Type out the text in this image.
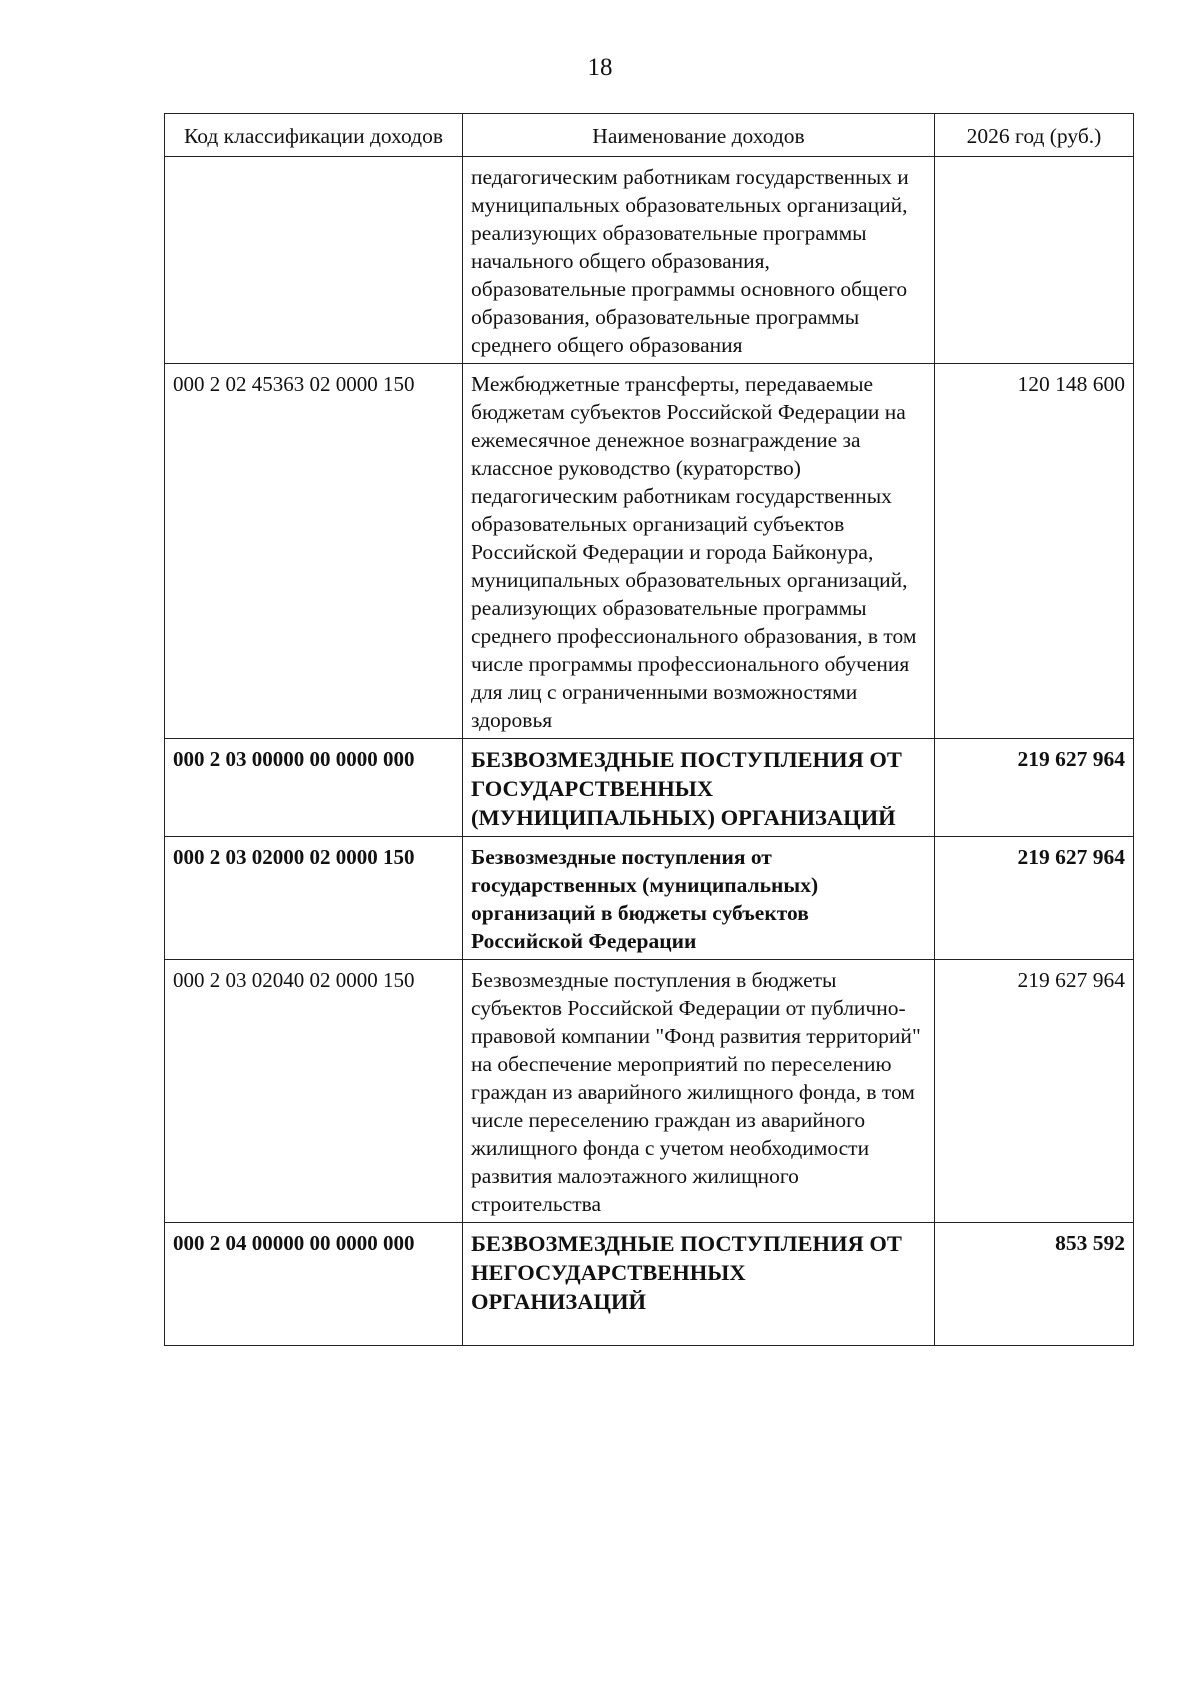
18
Код классификации доходов	Наименование доходов	2026 год (руб.)
	педагогическим работникам государственных и муниципальных образовательных организаций, реализующих образовательные программы начального общего образования, образовательные программы основного общего образования, образовательные программы среднего общего образования	
000 2 02 45363 02 0000 150	Межбюджетные трансферты, передаваемые бюджетам субъектов Российской Федерации на ежемесячное денежное вознаграждение за классное руководство (кураторство) педагогическим работникам государственных образовательных организаций субъектов Российской Федерации и города Байконура, муниципальных образовательных организаций, реализующих образовательные программы среднего профессионального образования, в том числе программы профессионального обучения для лиц с ограниченными возможностями здоровья	120 148 600
000 2 03 00000 00 0000 000	БЕЗВОЗМЕЗДНЫЕ ПОСТУПЛЕНИЯ ОТ ГОСУДАРСТВЕННЫХ (МУНИЦИПАЛЬНЫХ) ОРГАНИЗАЦИЙ	219 627 964
000 2 03 02000 02 0000 150	Безвозмездные поступления от государственных (муниципальных) организаций в бюджеты субъектов Российской Федерации	219 627 964
000 2 03 02040 02 0000 150	Безвозмездные поступления в бюджеты субъектов Российской Федерации от публично-правовой компании "Фонд развития территорий" на обеспечение мероприятий по переселению граждан из аварийного жилищного фонда, в том числе переселению граждан из аварийного жилищного фонда с учетом необходимости развития малоэтажного жилищного строительства	219 627 964
000 2 04 00000 00 0000 000	БЕЗВОЗМЕЗДНЫЕ ПОСТУПЛЕНИЯ ОТ НЕГОСУДАРСТВЕННЫХ ОРГАНИЗАЦИЙ	853 592
